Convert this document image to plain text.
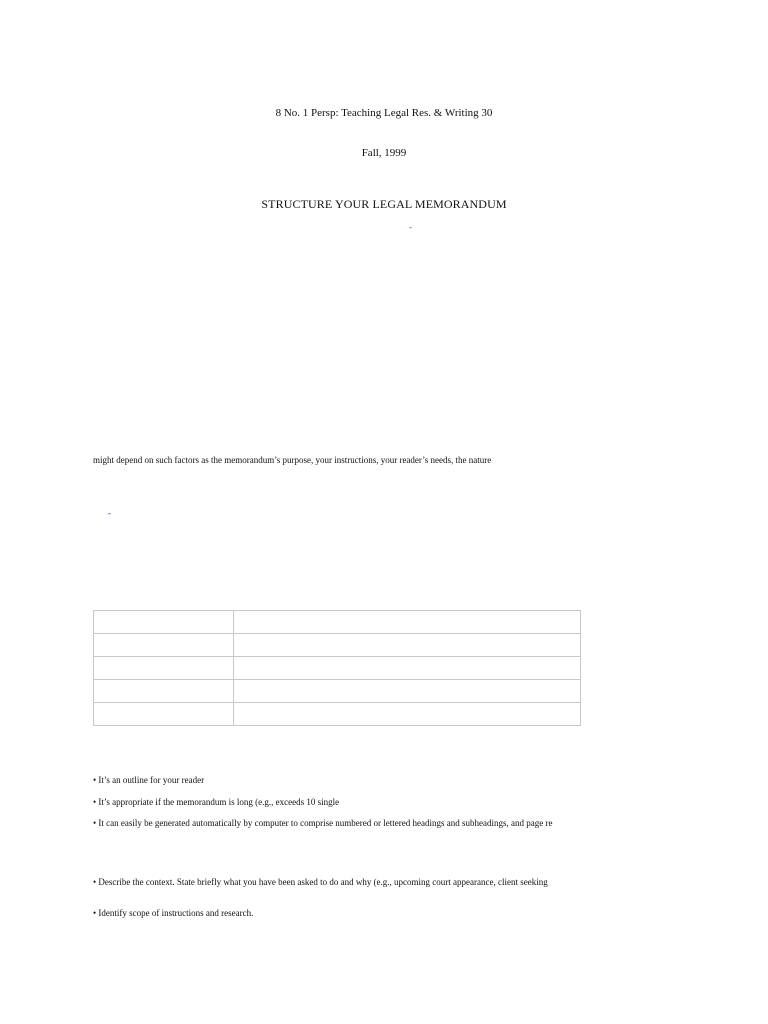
8 No. 1 Persp: Teaching Legal Res. & Writing 30
Fall, 1999
STRUCTURE YOUR LEGAL MEMORANDUM
-
might depend on such factors as the memorandum’s purpose, your instructions, your reader’s needs, the nature
-

• It’s an outline for your reader
• It’s appropriate if the memorandum is long (e.g., exceeds 10 single
• It can easily be generated automatically by computer to comprise numbered or lettered headings and subheadings, and page re
• Describe the context. State briefly what you have been asked to do and why (e.g., upcoming court appearance, client seeking
• Identify scope of instructions and research.
